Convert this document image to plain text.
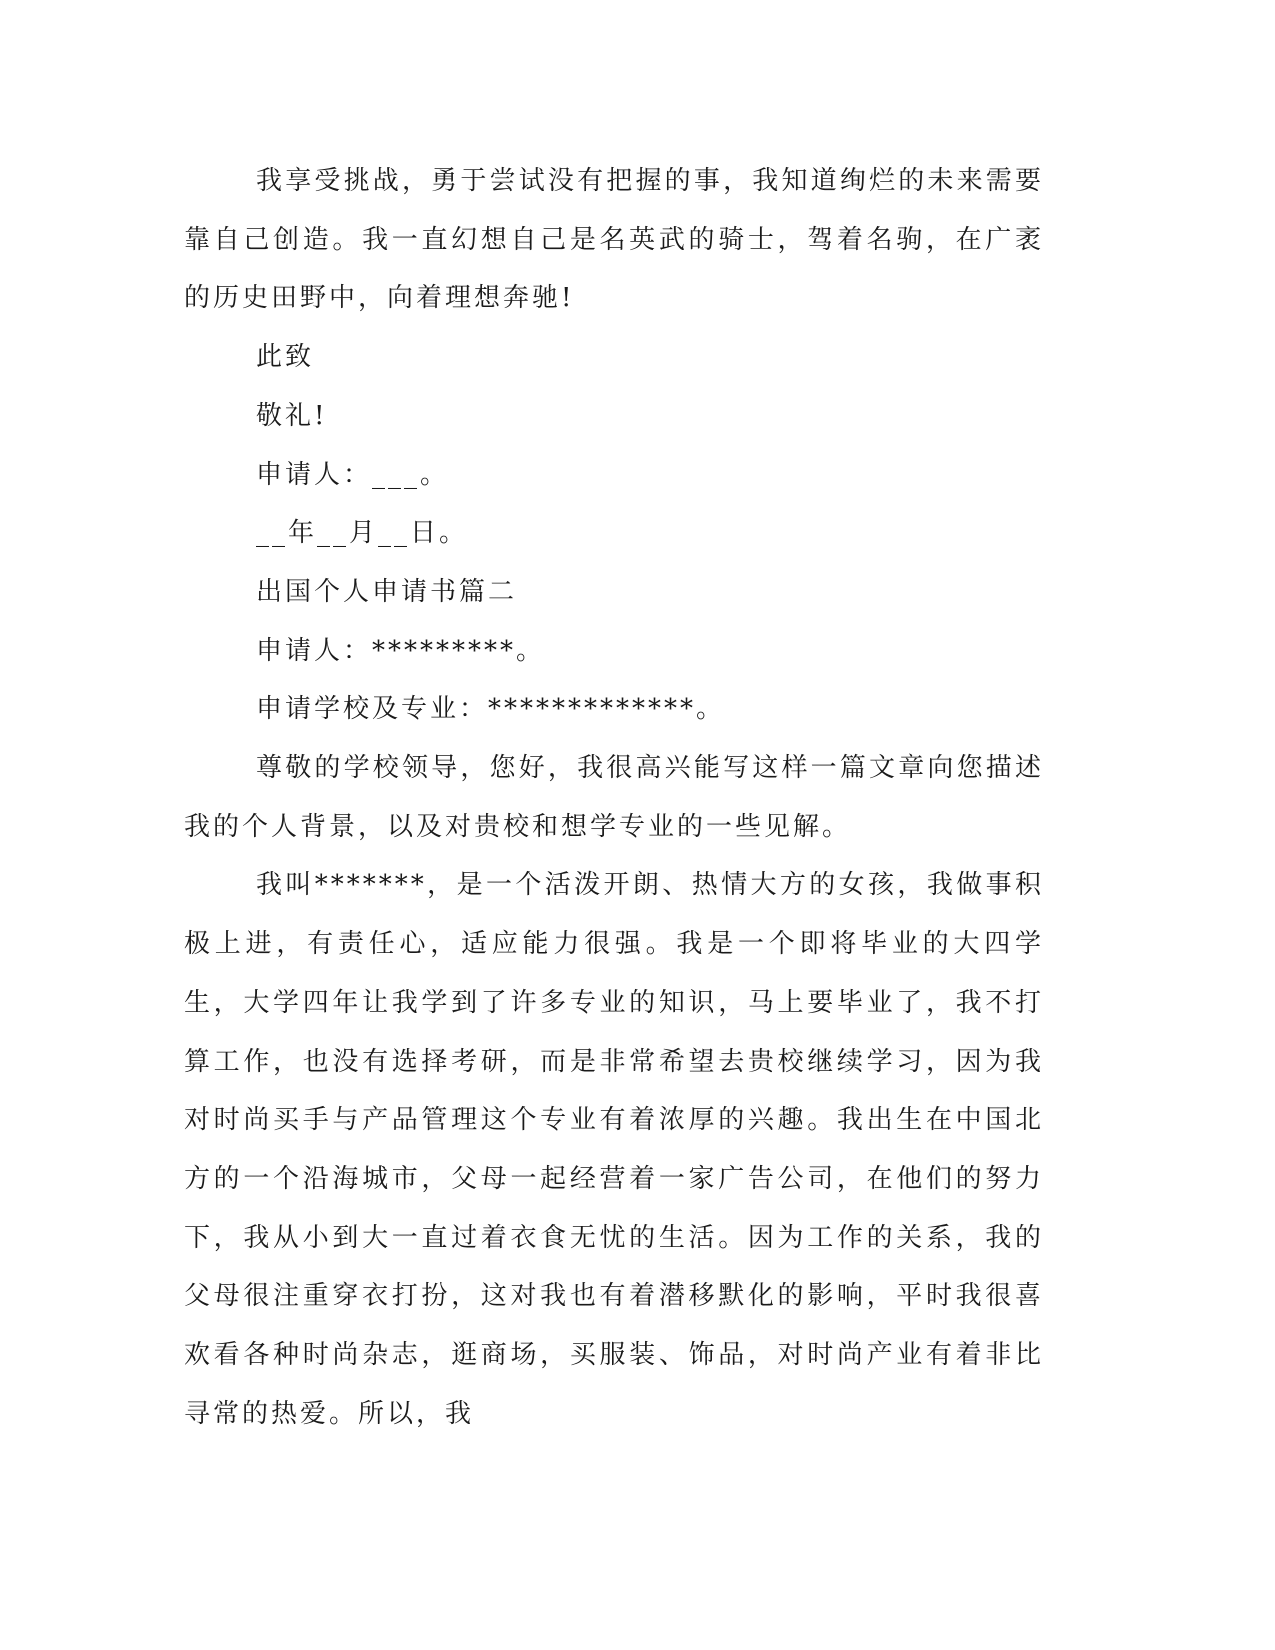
我享受挑战，勇于尝试没有把握的事，我知道绚烂的未来需要靠自己创造。我一直幻想自己是名英武的骑士，驾着名驹，在广袤的历史田野中，向着理想奔驰!

此致

敬礼!

申请人：___。

__年__月__日。

出国个人申请书篇二

申请人：*********。

申请学校及专业：*************。

尊敬的学校领导，您好，我很高兴能写这样一篇文章向您描述我的个人背景，以及对贵校和想学专业的一些见解。

我叫*******，是一个活泼开朗、热情大方的女孩，我做事积极上进，有责任心，适应能力很强。我是一个即将毕业的大四学生，大学四年让我学到了许多专业的知识，马上要毕业了，我不打算工作，也没有选择考研，而是非常希望去贵校继续学习，因为我对时尚买手与产品管理这个专业有着浓厚的兴趣。我出生在中国北方的一个沿海城市，父母一起经营着一家广告公司，在他们的努力下，我从小到大一直过着衣食无忧的生活。因为工作的关系，我的父母很注重穿衣打扮，这对我也有着潜移默化的影响，平时我很喜欢看各种时尚杂志，逛商场，买服装、饰品，对时尚产业有着非比寻常的热爱。所以，我
